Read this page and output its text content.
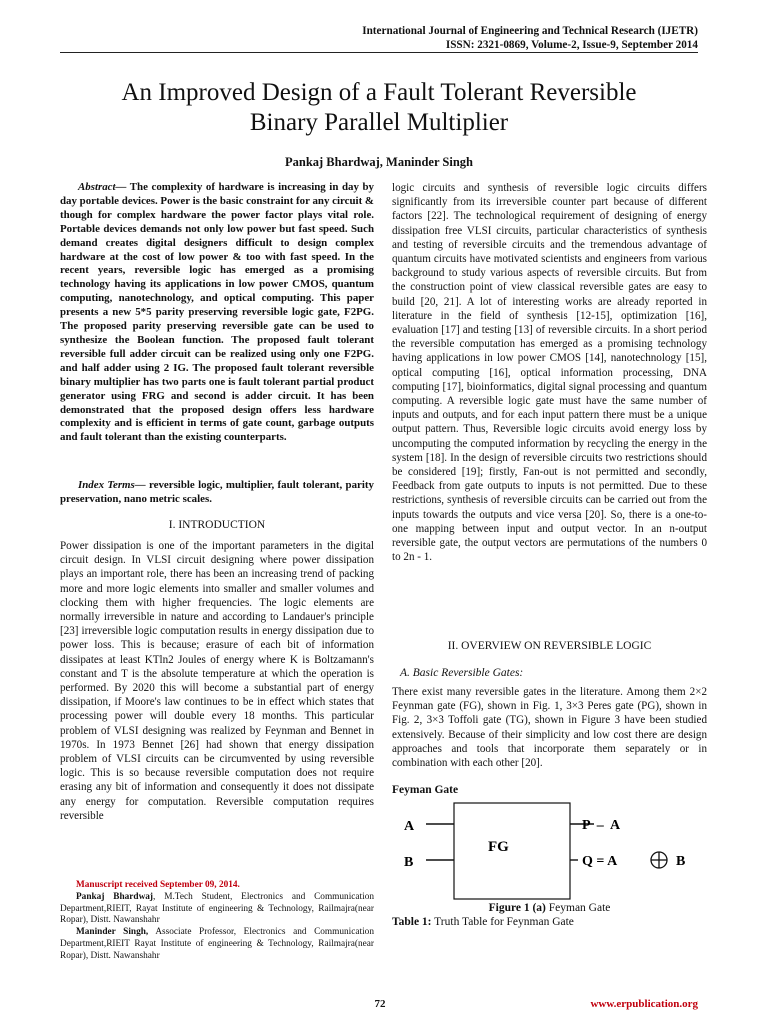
International Journal of Engineering and Technical Research (IJETR)
ISSN: 2321-0869, Volume-2, Issue-9, September 2014
An Improved Design of a Fault Tolerant Reversible
Binary Parallel Multiplier
Pankaj Bhardwaj, Maninder Singh
Abstract— The complexity of hardware is increasing in day by day portable devices. Power is the basic constraint for any circuit & though for complex hardware the power factor plays vital role. Portable devices demands not only low power but fast speed. Such demand creates digital designers difficult to design complex hardware at the cost of low power & too with fast speed. In the recent years, reversible logic has emerged as a promising technology having its applications in low power CMOS, quantum computing, nanotechnology, and optical computing. This paper presents a new 5*5 parity preserving reversible logic gate, F2PG. The proposed parity preserving reversible gate can be used to synthesize the Boolean function. The proposed fault tolerant reversible full adder circuit can be realized using only one F2PG. and half adder using 2 IG. The proposed fault tolerant reversible binary multiplier has two parts one is fault tolerant partial product generator using FRG and second is adder circuit. It has been demonstrated that the proposed design offers less hardware complexity and is efficient in terms of gate count, garbage outputs and fault tolerant than the existing counterparts.
Index Terms— reversible logic, multiplier, fault tolerant, parity preservation, nano metric scales.
I. INTRODUCTION
Power dissipation is one of the important parameters in the digital circuit design. In VLSI circuit designing where power dissipation plays an important role, there has been an increasing trend of packing more and more logic elements into smaller and smaller volumes and clocking them with higher frequencies. The logic elements are normally irreversible in nature and according to Landauer's principle [23] irreversible logic computation results in energy dissipation due to power loss. This is because; erasure of each bit of information dissipates at least KTln2 Joules of energy where K is Boltzamann's constant and T is the absolute temperature at which the operation is performed. By 2020 this will become a substantial part of energy dissipation, if Moore's law continues to be in effect which states that processing power will double every 18 months. This particular problem of VLSI designing was realized by Feynman and Bennet in 1970s. In 1973 Bennet [26] had shown that energy dissipation problem of VLSI circuits can be circumvented by using reversible logic. This is so because reversible computation does not require erasing any bit of information and consequently it does not dissipate any energy for computation. Reversible computation requires reversible
Manuscript received September 09, 2014.
Pankaj Bhardwaj, M.Tech Student, Electronics and Communication Department,RIEIT, Rayat Institute of engineering & Technology, Railmajra(near Ropar), Distt. Nawanshahr
Maninder Singh, Associate Professor, Electronics and Communication Department,RIEIT Rayat Institute of engineering & Technology, Railmajra(near Ropar), Distt. Nawanshahr
logic circuits and synthesis of reversible logic circuits differs significantly from its irreversible counter part because of different factors [22]. The technological requirement of designing of energy dissipation free VLSI circuits, particular characteristics of synthesis and testing of reversible circuits and the tremendous advantage of quantum circuits have motivated scientists and engineers from various background to study various aspects of reversible circuits. But from the construction point of view classical reversible gates are easy to build [20, 21]. A lot of interesting works are already reported in literature in the field of synthesis [12-15], optimization [16], evaluation [17] and testing [13] of reversible circuits. In a short period the reversible computation has emerged as a promising technology having applications in low power CMOS [14], nanotechnology [15], optical computing [16], optical information processing, DNA computing [17], bioinformatics, digital signal processing and quantum computing. A reversible logic gate must have the same number of inputs and outputs, and for each input pattern there must be a unique output pattern. Thus, Reversible logic circuits avoid energy loss by uncomputing the computed information by recycling the energy in the system [18]. In the design of reversible circuits two restrictions should be considered [19]; firstly, Fan-out is not permitted and secondly, Feedback from gate outputs to inputs is not permitted. Due to these restrictions, synthesis of reversible circuits can be carried out from the inputs towards the outputs and vice versa [20]. So, there is a one-to-one mapping between input and output vector. In an n-output reversible gate, the output vectors are permutations of the numbers 0 to 2n - 1.
II. OVERVIEW ON REVERSIBLE LOGIC
A. Basic Reversible Gates:
There exist many reversible gates in the literature. Among them 2×2 Feynman gate (FG), shown in Fig. 1, 3×3 Peres gate (PG), shown in Fig. 2, 3×3 Toffoli gate (TG), shown in Figure 3 have been studied extensively. Because of their simplicity and low cost there are design approaches and tools that incorporate them separately or in combination with each other [20].
Feyman Gate
A
B
FG
P  –  A
Q = A	B
Figure 1 (a) Feyman Gate
Table 1: Truth Table for Feynman Gate
72	www.erpublication.org
